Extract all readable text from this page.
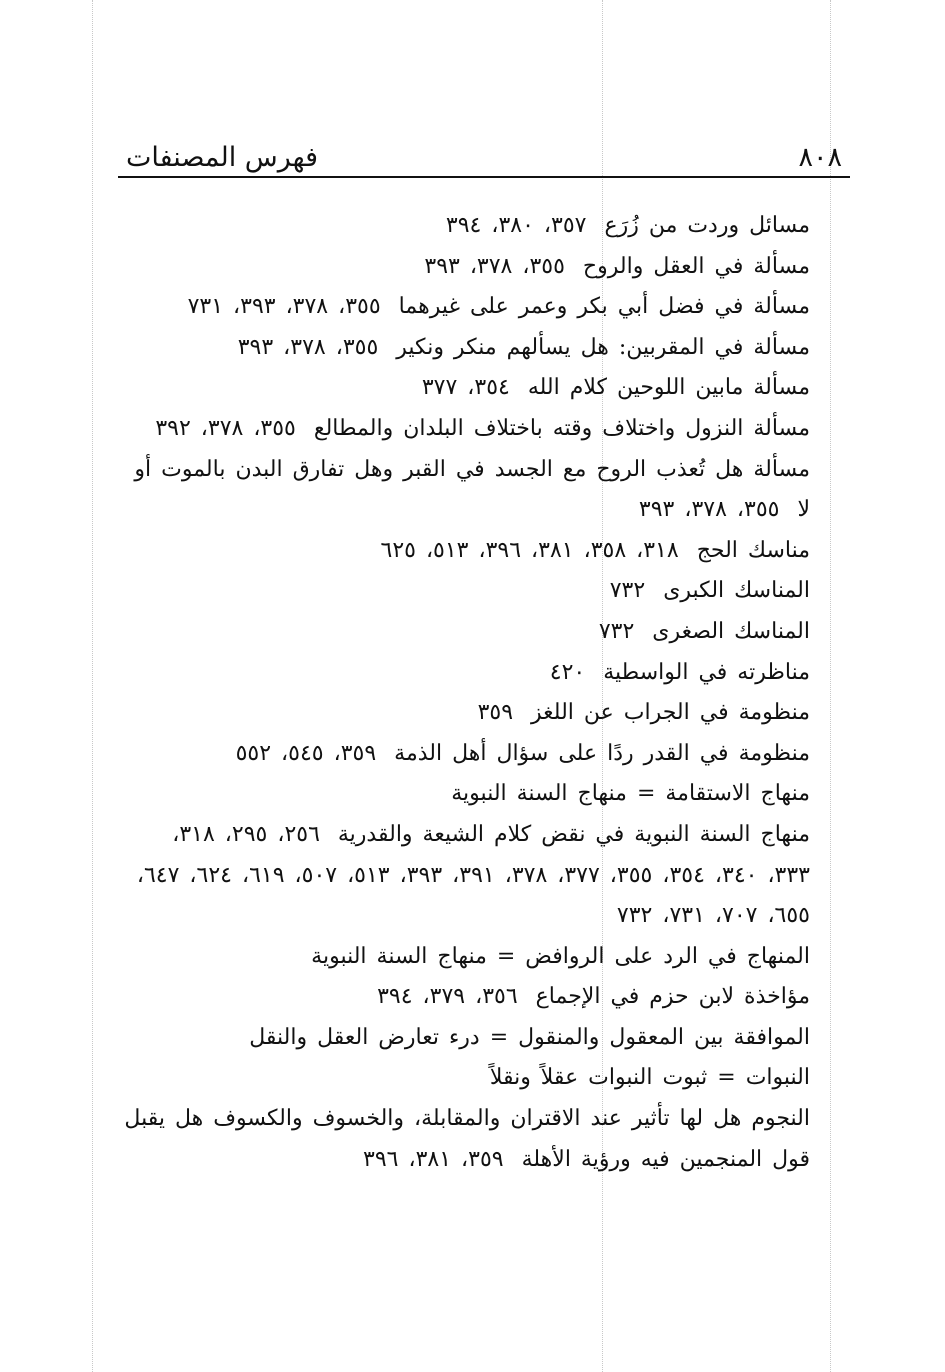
٨٠٨
فهرس المصنفات

مسائل وردت من زُرَع٣٥٧، ٣٨٠، ٣٩٤

مسألة في العقل والروح٣٥٥، ٣٧٨، ٣٩٣

مسألة في فضل أبي بكر وعمر على غيرهما٣٥٥، ٣٧٨، ٣٩٣، ٧٣١

مسألة في المقربين: هل يسألهم منكر ونكير٣٥٥، ٣٧٨، ٣٩٣

مسألة مابين اللوحين كلام الله٣٥٤، ٣٧٧

مسألة النزول واختلاف وقته باختلاف البلدان والمطالع٣٥٥، ٣٧٨، ٣٩٢

مسألة هل تُعذب الروح مع الجسد في القبر وهل تفارق البدن بالموت أو لا٣٥٥، ٣٧٨، ٣٩٣

مناسك الحج٣١٨، ٣٥٨، ٣٨١، ٣٩٦، ٥١٣، ٦٢٥

المناسك الكبرى٧٣٢

المناسك الصغرى٧٣٢

مناظرته في الواسطية٤٢٠

منظومة في الجراب عن اللغز٣٥٩

منظومة في القدر ردًا على سؤال أهل الذمة٣٥٩، ٥٤٥، ٥٥٢

منهاج الاستقامة = منهاج السنة النبوية

منهاج السنة النبوية في نقض كلام الشيعة والقدرية٢٥٦، ٢٩٥، ٣١٨، ٣٣٣، ٣٤٠، ٣٥٤، ٣٥٥، ٣٧٧، ٣٧٨، ٣٩١، ٣٩٣، ٥١٣، ٥٠٧، ٦١٩، ٦٢٤، ٦٤٧، ٦٥٥، ٧٠٧، ٧٣١، ٧٣٢

المنهاج في الرد على الروافض = منهاج السنة النبوية

مؤاخذة لابن حزم في الإجماع٣٥٦، ٣٧٩، ٣٩٤

الموافقة بين المعقول والمنقول = درء تعارض العقل والنقل

النبوات = ثبوت النبوات عقلاً ونقلاً

النجوم هل لها تأثير عند الاقتران والمقابلة، والخسوف والكسوف هل يقبل قول المنجمين فيه ورؤية الأهلة٣٥٩، ٣٨١، ٣٩٦
